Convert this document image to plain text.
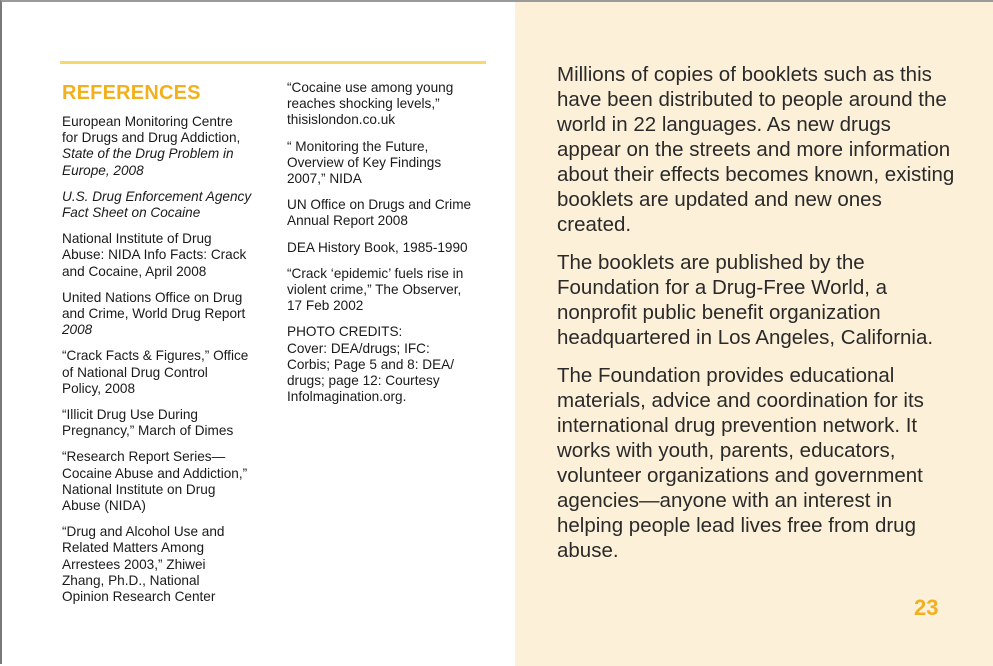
REFERENCES
European Monitoring Centre
for Drugs and Drug Addiction,
State of the Drug Problem in
Europe, 2008
U.S. Drug Enforcement Agency
Fact Sheet on Cocaine
National Institute of Drug
Abuse: NIDA Info Facts: Crack
and Cocaine, April 2008
United Nations Office on Drug
and Crime, World Drug Report
2008
“Crack Facts & Figures,” Office
of National Drug Control
Policy, 2008
“Illicit Drug Use During
Pregnancy,” March of Dimes
“Research Report Series—
Cocaine Abuse and Addiction,”
National Institute on Drug
Abuse (NIDA)
“Drug and Alcohol Use and
Related Matters Among
Arrestees 2003,” Zhiwei
Zhang, Ph.D., National
Opinion Research Center
“Cocaine use among young
reaches shocking levels,”
thisislondon.co.uk
“ Monitoring the Future,
Overview of Key Findings
2007,” NIDA
UN Office on Drugs and Crime
Annual Report 2008
DEA History Book, 1985-1990
“Crack ‘epidemic’ fuels rise in
violent crime,” The Observer,
17 Feb 2002
PHOTO CREDITS:
Cover: DEA/drugs; IFC:
Corbis; Page 5 and 8: DEA/
drugs; page 12: Courtesy
Infolmagination.org.

Millions of copies of booklets such as this have been distributed to people around the world in 22 languages. As new drugs appear on the streets and more information about their effects becomes known, existing booklets are updated and new ones created.

The booklets are published by the Foundation for a Drug-Free World, a nonprofit public benefit organization headquartered in Los Angeles, California.

The Foundation provides educational materials, advice and coordination for its international drug prevention network. It works with youth, parents, educators, volunteer organizations and government agencies—anyone with an interest in helping people lead lives free from drug abuse.

23
